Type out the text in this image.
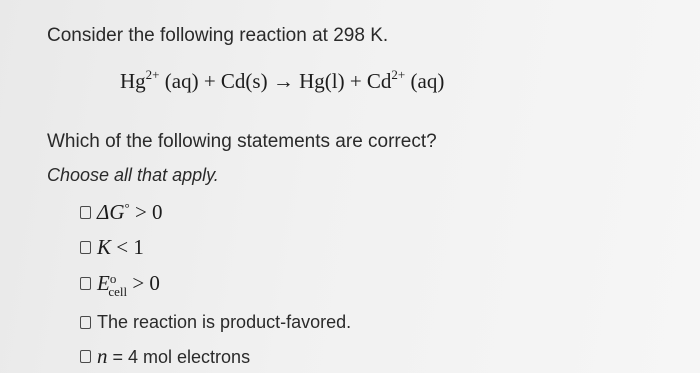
Consider the following reaction at 298 K.
$Hg^{2+}$ $(aq) + Cd(s) \to Hg(l) + Cd^{2+}$ (aq)
Which of the following statements are correct?
Choose all that apply.
ΔG° > 0
K < 1
$E^o_{cell} > 0$
The reaction is product-favored.
n = 4 mol electrons
